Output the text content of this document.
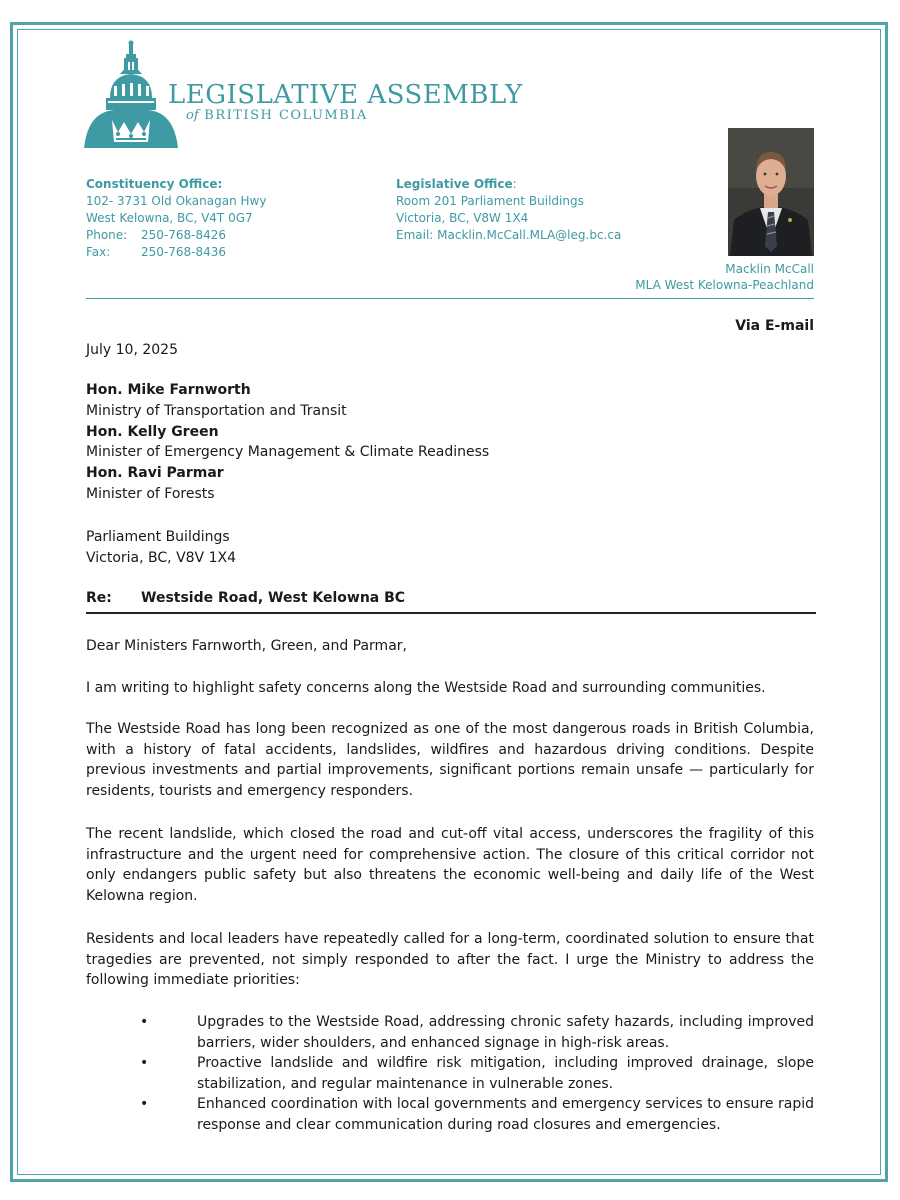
LEGISLATIVE ASSEMBLY
of BRITISH COLUMBIA
Constituency Office:
102- 3731 Old Okanagan Hwy
West Kelowna, BC, V4T 0G7
Phone: 250-768-8426
Fax:	250-768-8436
Legislative Office:
Room 201 Parliament Buildings
Victoria, BC, V8W 1X4
Email: Macklin.McCall.MLA@leg.bc.ca
Macklin McCall
MLA West Kelowna-Peachland
Via E-mail
July 10, 2025
Hon. Mike Farnworth
Ministry of Transportation and Transit
Hon. Kelly Green
Minister of Emergency Management & Climate Readiness
Hon. Ravi Parmar
Minister of Forests
Parliament Buildings
Victoria, BC, V8V 1X4
Re: Westside Road, West Kelowna BC
Dear Ministers Farnworth, Green, and Parmar,
I am writing to highlight safety concerns along the Westside Road and surrounding communities.
The Westside Road has long been recognized as one of the most dangerous roads in British Columbia, with a history of fatal accidents, landslides, wildfires and hazardous driving conditions. Despite previous investments and partial improvements, significant portions remain unsafe — particularly for residents, tourists and emergency responders.
The recent landslide, which closed the road and cut-off vital access, underscores the fragility of this infrastructure and the urgent need for comprehensive action. The closure of this critical corridor not only endangers public safety but also threatens the economic well-being and daily life of the West Kelowna region.
Residents and local leaders have repeatedly called for a long-term, coordinated solution to ensure that tragedies are prevented, not simply responded to after the fact. I urge the Ministry to address the following immediate priorities:
•	Upgrades to the Westside Road, addressing chronic safety hazards, including improved barriers, wider shoulders, and enhanced signage in high-risk areas.
•	Proactive landslide and wildfire risk mitigation, including improved drainage, slope stabilization, and regular maintenance in vulnerable zones.
•	Enhanced coordination with local governments and emergency services to ensure rapid response and clear communication during road closures and emergencies.
